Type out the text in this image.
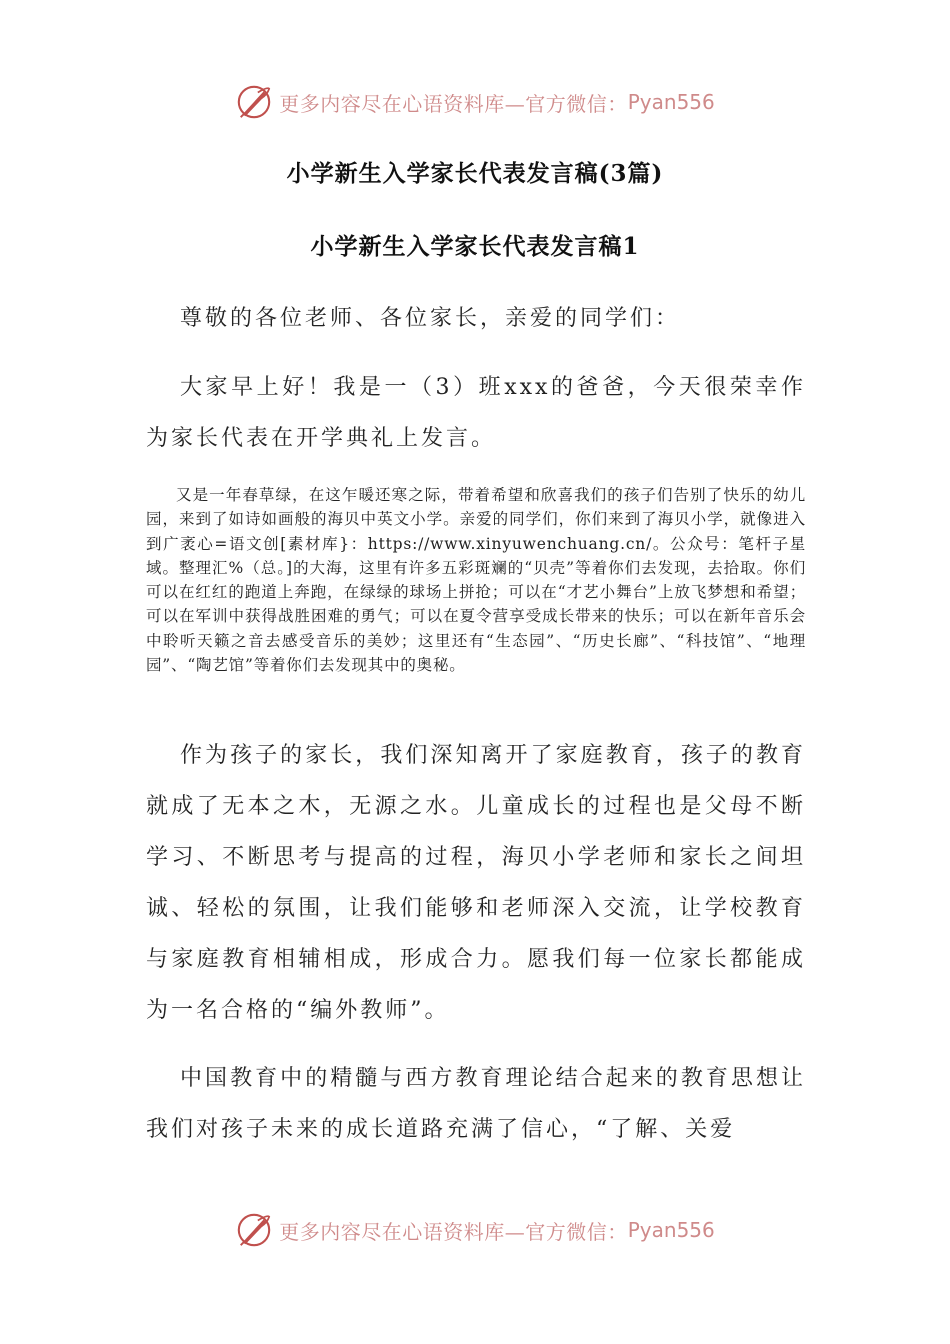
更多内容尽在心语资料库—官方微信： Pyan556
小学新生入学家长代表发言稿(3篇)
小学新生入学家长代表发言稿1

尊敬的各位老师、各位家长，亲爱的同学们：

大家早上好！我是一（3）班xxx的爸爸，今天很荣幸作为家长代表在开学典礼上发言。

又是一年春草绿，在这乍暖还寒之际，带着希望和欣喜我们的孩子们告别了快乐的幼儿园，来到了如诗如画般的海贝中英文小学。亲爱的同学们，你们来到了海贝小学，就像进入到广袤心=语文创[素材库}：https://www.xinyuwenchuang.cn/。公众号：笔杆子星域。整理汇%（总。]的大海，这里有许多五彩斑斓的“贝壳”等着你们去发现，去拾取。你们可以在红红的跑道上奔跑，在绿绿的球场上拼抢；可以在“才艺小舞台”上放飞梦想和希望；可以在军训中获得战胜困难的勇气；可以在夏令营享受成长带来的快乐；可以在新年音乐会中聆听天籁之音去感受音乐的美妙；这里还有“生态园”、“历史长廊”、“科技馆”、“地理园”、“陶艺馆”等着你们去发现其中的奥秘。

作为孩子的家长，我们深知离开了家庭教育，孩子的教育就成了无本之木，无源之水。儿童成长的过程也是父母不断学习、不断思考与提高的过程，海贝小学老师和家长之间坦诚、轻松的氛围，让我们能够和老师深入交流，让学校教育与家庭教育相辅相成，形成合力。愿我们每一位家长都能成为一名合格的“编外教师”。

中国教育中的精髓与西方教育理论结合起来的教育思想让我们对孩子未来的成长道路充满了信心，“了解、关爱

更多内容尽在心语资料库—官方微信： Pyan556
